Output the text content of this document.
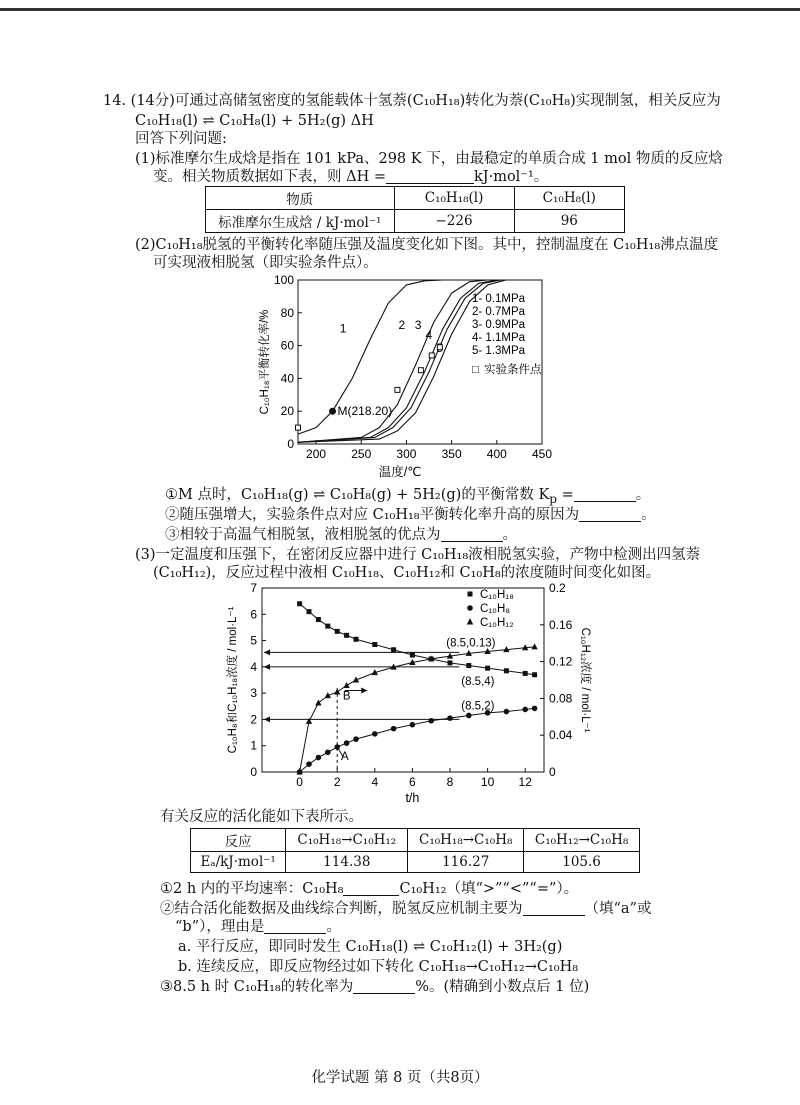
14. (14分)可通过高储氢密度的氢能载体十氢萘(C₁₀H₁₈)转化为萘(C₁₀H₈)实现制氢，相关反应为
C₁₀H₁₈(l) ⇌ C₁₀H₈(l) + 5H₂(g) ΔH
回答下列问题:
(1)标准摩尔生成焓是指在 101 kPa、298 K 下，由最稳定的单质合成 1 mol 物质的反应焓
变。相关物质数据如下表，则 ΔH =	kJ·mol⁻¹。
物质	C₁₀H₁₈(l)	C₁₀H₈(l)
标准摩尔生成焓 / kJ·mol⁻¹	−226	96
(2)C₁₀H₁₈脱氢的平衡转化率随压强及温度变化如下图。其中，控制温度在 C₁₀H₁₈沸点温度
可实现液相脱氢（即实验条件点）。
200 250 300 350 400 450
0
20
40
60
80
100
温度/℃
C₁₀H₁₈平衡转化率/%	1	2 3
4
M(218.20)
1- 0.1MPa
2- 0.7MPa
3- 0.9MPa
4- 1.1MPa
5- 1.3MPa
□ 实验条件点
①M 点时，C₁₀H₁₈(g) ⇌ C₁₀H₈(g) + 5H₂(g)的平衡常数 $K_p$ =	。
②随压强增大，实验条件点对应 C₁₀H₁₈平衡转化率升高的原因为	。
③相较于高温气相脱氢，液相脱氢的优点为	。
(3)一定温度和压强下，在密闭反应器中进行 C₁₀H₁₈液相脱氢实验，产物中检测出四氢萘
(C₁₀H₁₂)，反应过程中液相 C₁₀H₁₈、C₁₀H₁₂和 C₁₀H₈的浓度随时间变化如图。
0	2	4	6	8 10 12
0
1
2
3
4
5
6
7
0
0.04
0.08
0.12
0.16
0.2
t/h
C₁₀H₈和C₁₀H₁₈浓度 / mol·L⁻¹	C₁₀H₁₂浓度 / mol·L⁻¹
(8.5,0.13)
(8.5,4)
(8.5,2)
A
B
C₁₀H₁₈
C₁₀H₈
C₁₀H₁₂
有关反应的活化能如下表所示。
反应	C₁₀H₁₈→C₁₀H₁₂	C₁₀H₁₈→C₁₀H₈	C₁₀H₁₂→C₁₀H₈
Eₐ/kJ·mol⁻¹	114.38	116.27	105.6
①2 h 内的平均速率：C₁₀H₈	C₁₀H₁₂（填“>”“<”“=”）。
②结合活化能数据及曲线综合判断，脱氢反应机制主要为	（填“a”或
“b”），理由是	。
a. 平行反应，即同时发生 C₁₀H₁₈(l) ⇌ C₁₀H₁₂(l) + 3H₂(g)
b. 连续反应，即反应物经过如下转化 C₁₀H₁₈→C₁₀H₁₂→C₁₀H₈
③8.5 h 时 C₁₀H₁₈的转化率为	%。(精确到小数点后 1 位)
化学试题 第 8 页（共8页）
